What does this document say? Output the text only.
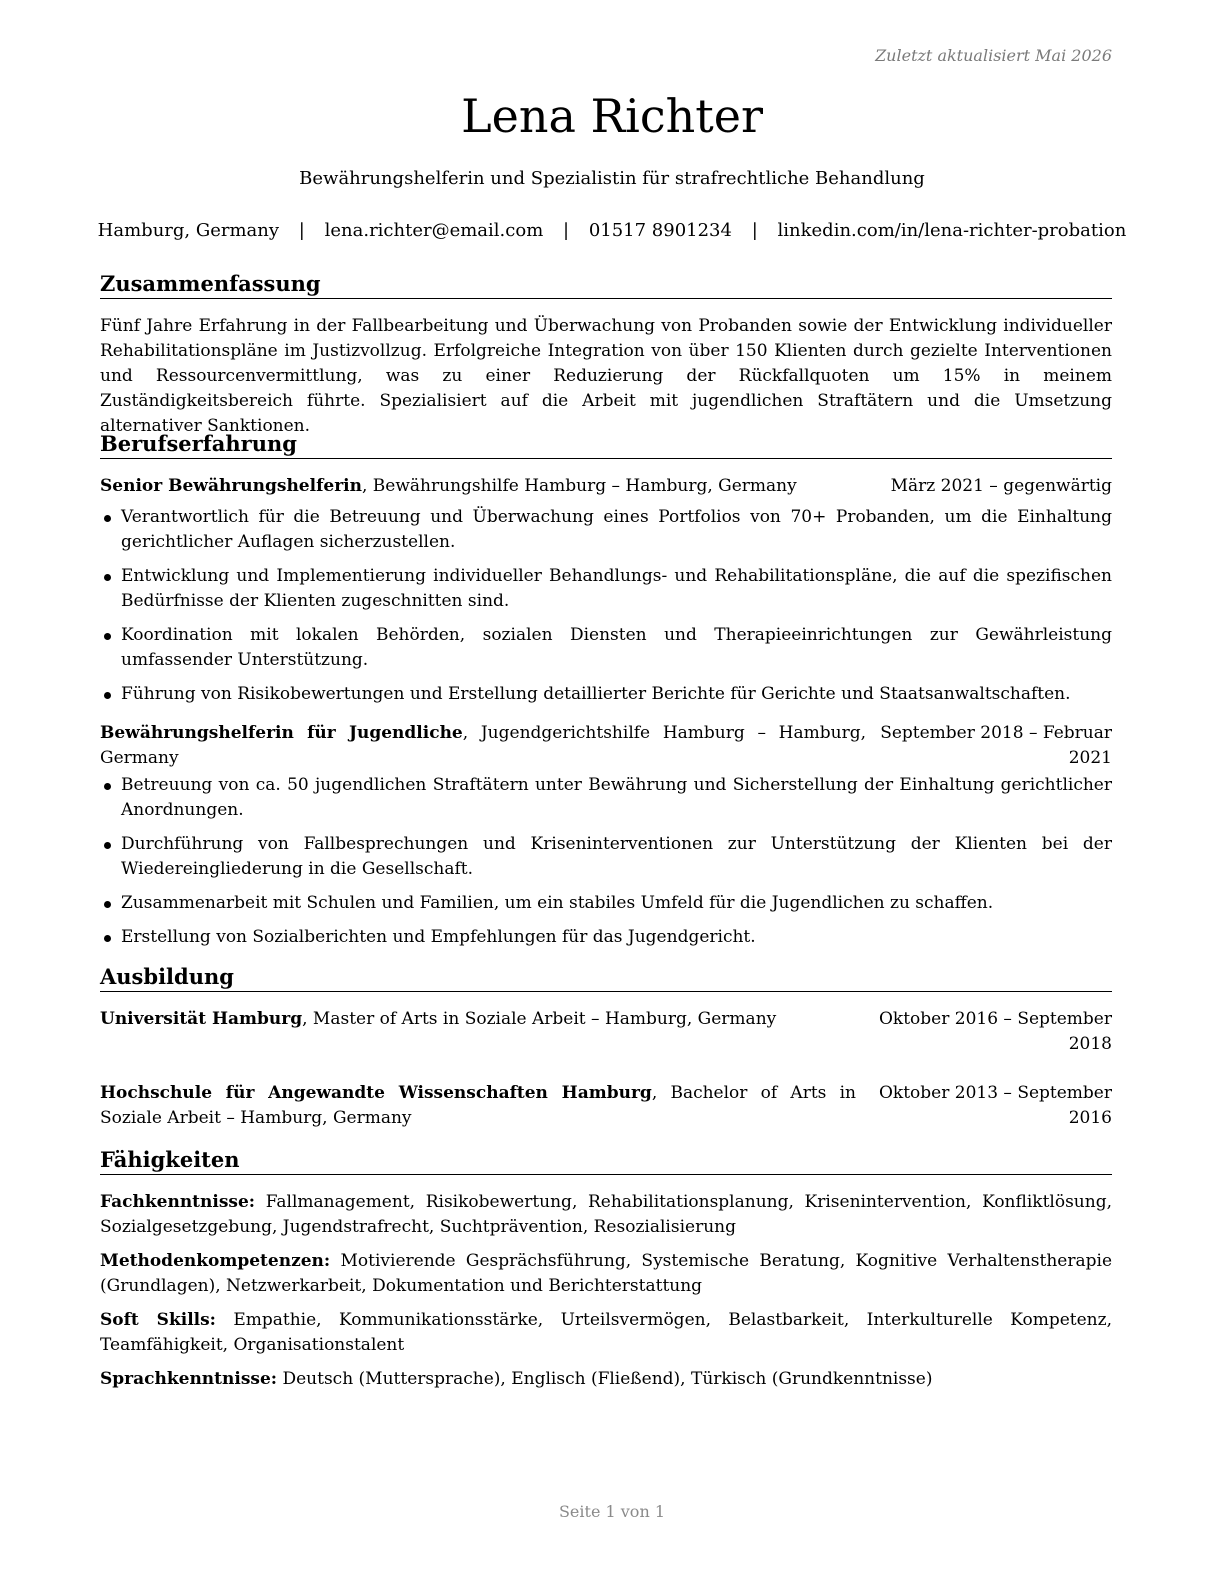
Zuletzt aktualisiert Mai 2026
Lena Richter
Bewährungshelferin und Spezialistin für strafrechtliche Behandlung
Hamburg, Germany | lena.richter@email.com | 01517 8901234 | linkedin.com/in/lena-richter-probation
Zusammenfassung
Fünf Jahre Erfahrung in der Fallbearbeitung und Überwachung von Probanden sowie der Entwicklung individueller Rehabilitationspläne im Justizvollzug. Erfolgreiche Integration von über 150 Klienten durch gezielte Interventionen und Ressourcenvermittlung, was zu einer Reduzierung der Rückfallquoten um 15% in meinem Zuständigkeitsbereich führte. Spezialisiert auf die Arbeit mit jugendlichen Straftätern und die Umsetzung alternativer Sanktionen.
Berufserfahrung
Senior Bewährungshelferin, Bewährungshilfe Hamburg – Hamburg, Germany	März 2021 – gegenwärtig
Verantwortlich für die Betreuung und Überwachung eines Portfolios von 70+ Probanden, um die Einhaltung gerichtlicher Auflagen sicherzustellen.
Entwicklung und Implementierung individueller Behandlungs- und Rehabilitationspläne, die auf die spezifischen Bedürfnisse der Klienten zugeschnitten sind.
Koordination mit lokalen Behörden, sozialen Diensten und Therapieeinrichtungen zur Gewährleistung umfassender Unterstützung.
Führung von Risikobewertungen und Erstellung detaillierter Berichte für Gerichte und Staatsanwaltschaften.
Bewährungshelferin für Jugendliche, Jugendgerichtshilfe Hamburg – Hamburg, Germany
September 2018 – Februar 2021
Betreuung von ca. 50 jugendlichen Straftätern unter Bewährung und Sicherstellung der Einhaltung gerichtlicher Anordnungen.
Durchführung von Fallbesprechungen und Kriseninterventionen zur Unterstützung der Klienten bei der Wiedereingliederung in die Gesellschaft.
Zusammenarbeit mit Schulen und Familien, um ein stabiles Umfeld für die Jugendlichen zu schaffen.
Erstellung von Sozialberichten und Empfehlungen für das Jugendgericht.
Ausbildung
Universität Hamburg, Master of Arts in Soziale Arbeit – Hamburg, Germany	Oktober 2016 – September 2018
Hochschule für Angewandte Wissenschaften Hamburg, Bachelor of Arts in Soziale Arbeit – Hamburg, Germany
Oktober 2013 – September 2016
Fähigkeiten
Fachkenntnisse: Fallmanagement, Risikobewertung, Rehabilitationsplanung, Krisenintervention, Konfliktlösung, Sozialgesetzgebung, Jugendstrafrecht, Suchtprävention, Resozialisierung
Methodenkompetenzen: Motivierende Gesprächsführung, Systemische Beratung, Kognitive Verhaltenstherapie (Grundlagen), Netzwerkarbeit, Dokumentation und Berichterstattung
Soft Skills: Empathie, Kommunikationsstärke, Urteilsvermögen, Belastbarkeit, Interkulturelle Kompetenz, Teamfähigkeit, Organisationstalent
Sprachkenntnisse: Deutsch (Muttersprache), Englisch (Fließend), Türkisch (Grundkenntnisse)
Seite 1 von 1
